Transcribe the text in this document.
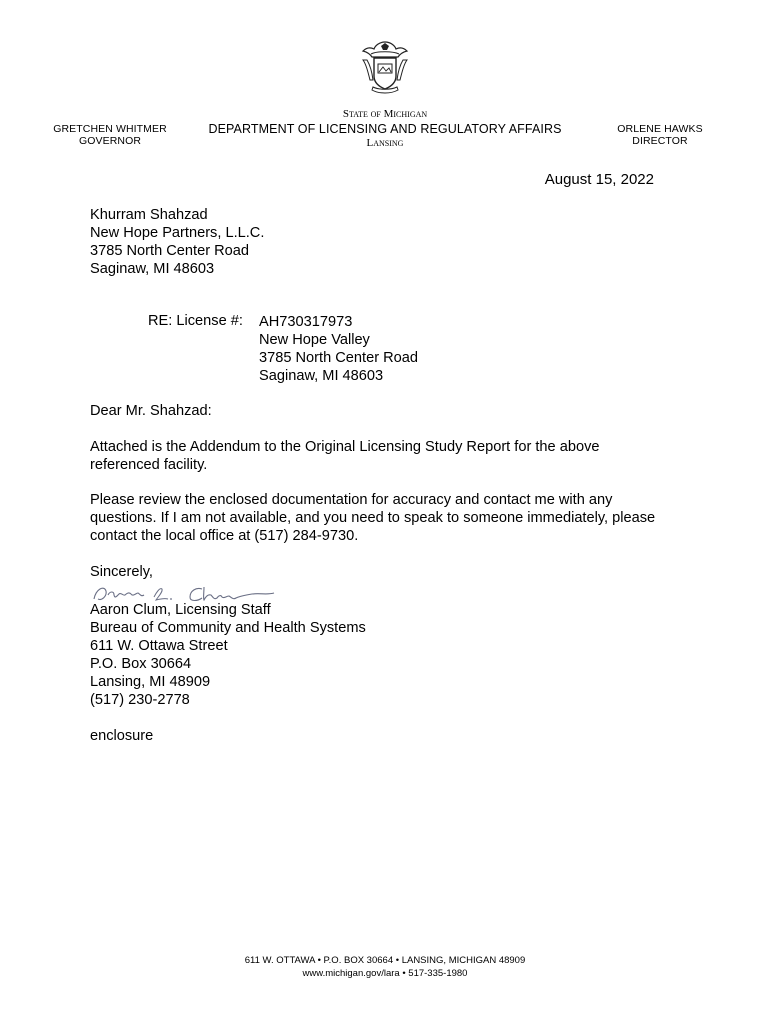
GRETCHEN WHITMER
GOVERNOR
State of Michigan
DEPARTMENT OF LICENSING AND REGULATORY AFFAIRS
Lansing
ORLENE HAWKS
DIRECTOR
August 15, 2022
Khurram Shahzad
New Hope Partners, L.L.C.
3785 North Center Road
Saginaw, MI 48603
RE: License #: AH730317973
New Hope Valley
3785 North Center Road
Saginaw, MI 48603
Dear Mr. Shahzad:
Attached is the Addendum to the Original Licensing Study Report for the above
referenced facility.
Please review the enclosed documentation for accuracy and contact me with any
questions. If I am not available, and you need to speak to someone immediately, please
contact the local office at (517) 284-9730.
Sincerely,
Aaron Clum, Licensing Staff
Bureau of Community and Health Systems
611 W. Ottawa Street
P.O. Box 30664
Lansing, MI 48909
(517) 230-2778
enclosure
611 W. OTTAWA • P.O. BOX 30664 • LANSING, MICHIGAN 48909
www.michigan.gov/lara • 517-335-1980
